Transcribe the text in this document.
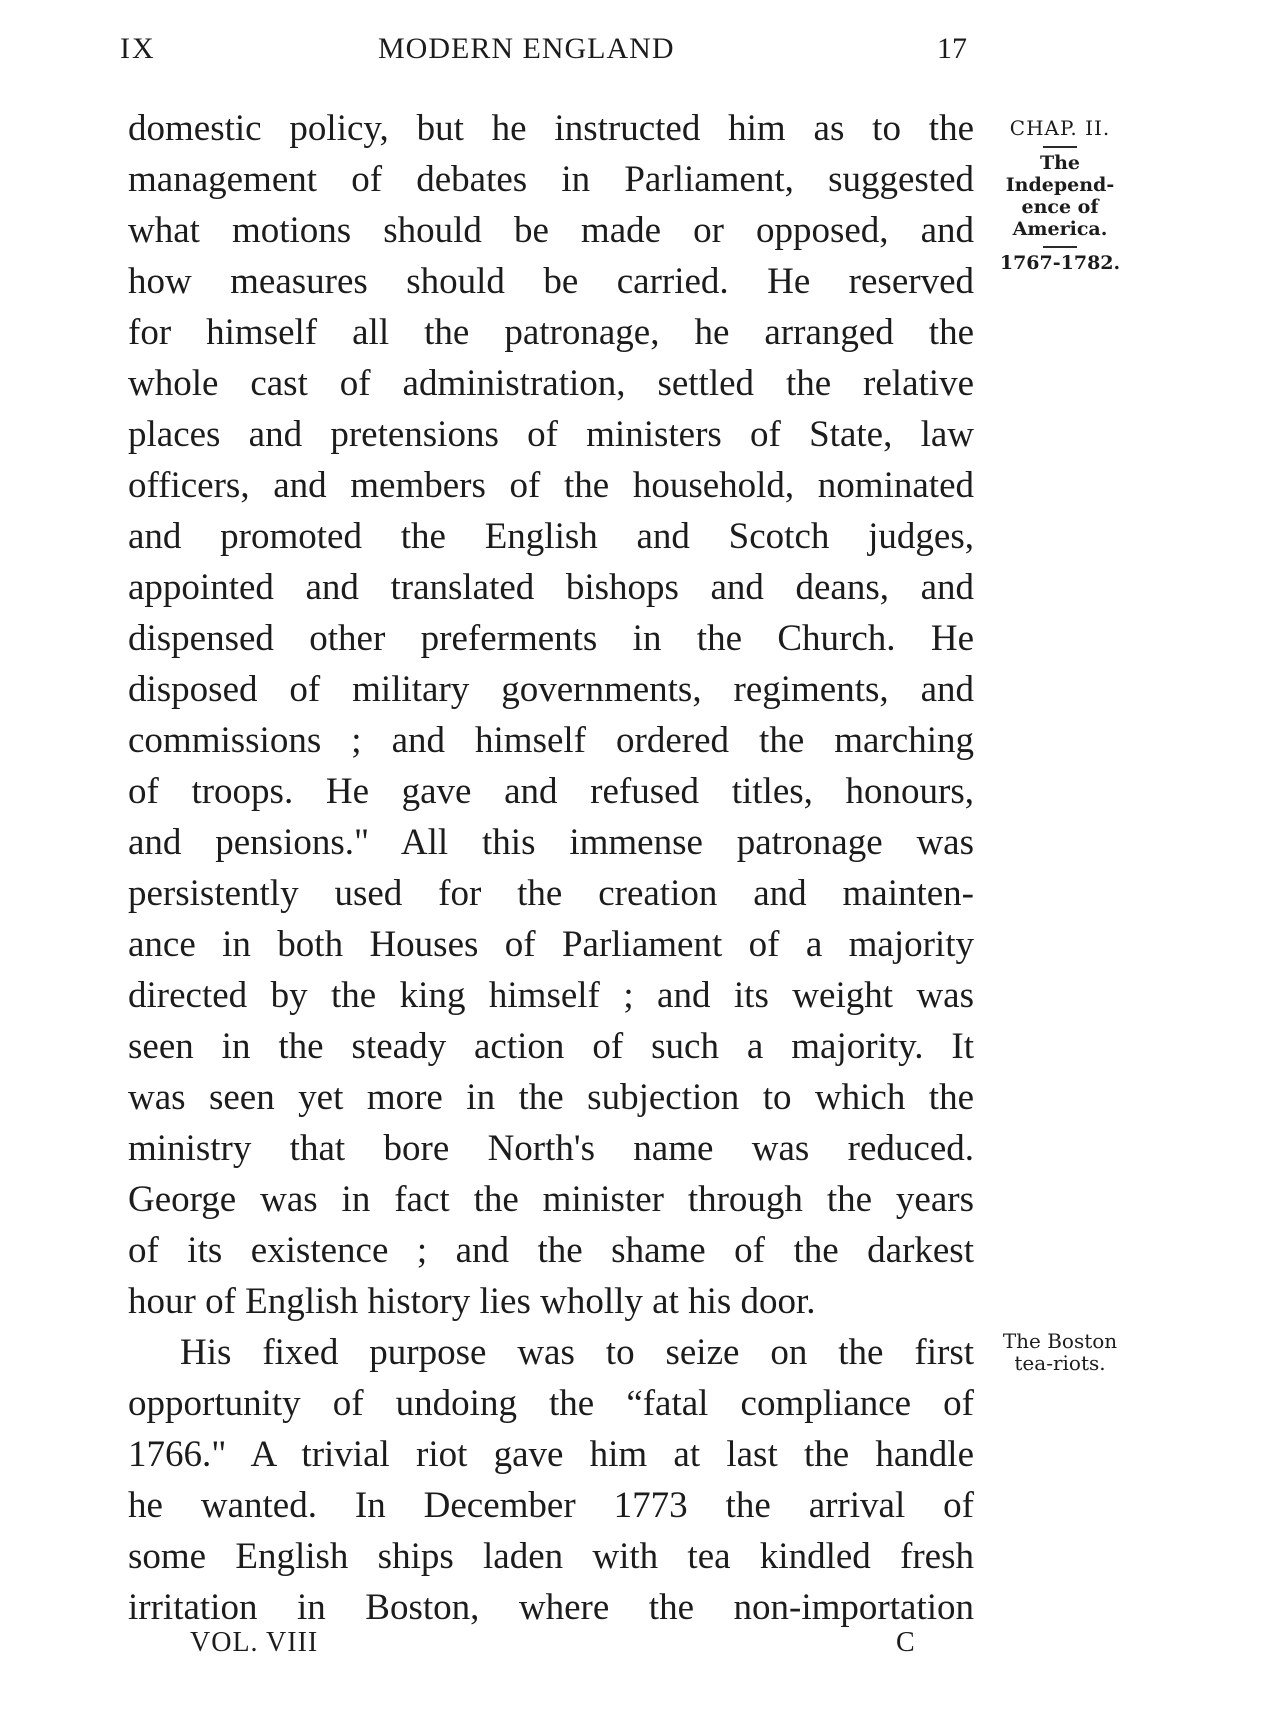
IX	MODERN ENGLAND	17
domestic policy, but he instructed him as to the
management of debates in Parliament, suggested
what motions should be made or opposed, and
how measures should be carried. He reserved
for himself all the patronage, he arranged the
whole cast of administration, settled the relative
places and pretensions of ministers of State, law
officers, and members of the household, nominated
and promoted the English and Scotch judges,
appointed and translated bishops and deans, and
dispensed other preferments in the Church. He
disposed of military governments, regiments, and
commissions ; and himself ordered the marching
of troops. He gave and refused titles, honours,
and pensions." All this immense patronage was
persistently used for the creation and mainten-
ance in both Houses of Parliament of a majority
directed by the king himself ; and its weight was
seen in the steady action of such a majority. It
was seen yet more in the subjection to which the
ministry that bore North's name was reduced.
George was in fact the minister through the years
of its existence ; and the shame of the darkest
hour of English history lies wholly at his door.
His fixed purpose was to seize on the first
opportunity of undoing the “fatal compliance of
1766." A trivial riot gave him at last the handle
he wanted. In December 1773 the arrival of
some English ships laden with tea kindled fresh
irritation in Boston, where the non-importation
CHAP. II.
The
Independ-
ence of
America.
1767-1782.
The Boston
tea-riots.
VOL. VIII	C
